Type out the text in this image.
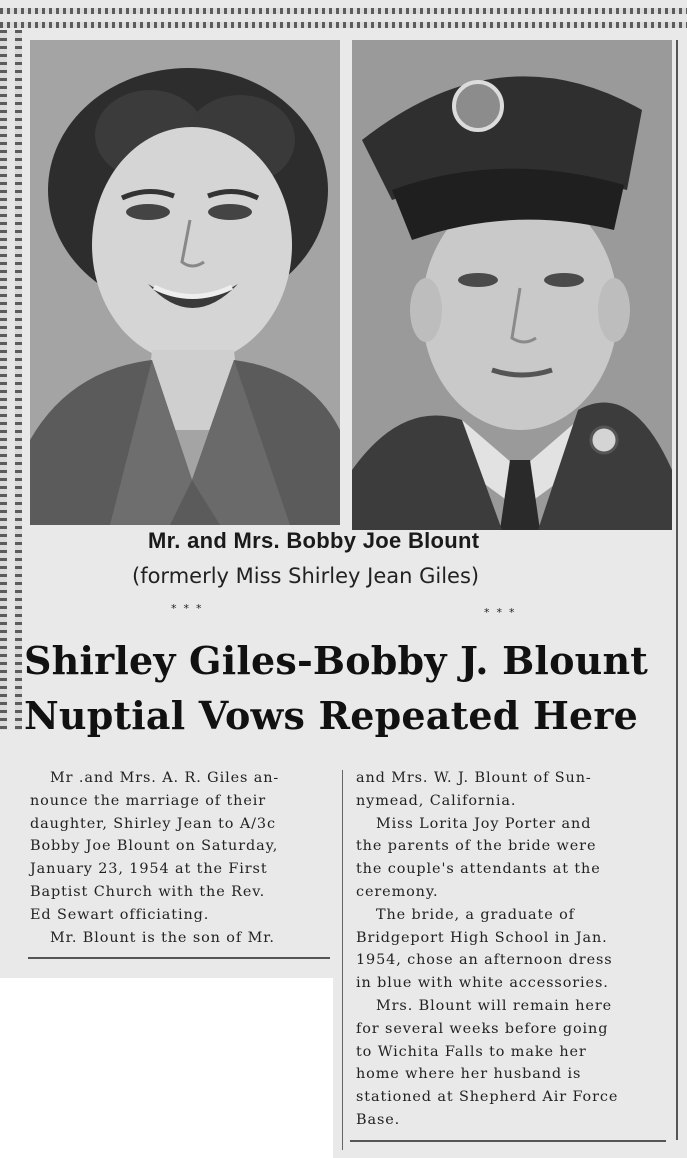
Mr. and Mrs. Bobby Joe Blount
(formerly Miss Shirley Jean Giles)
***	***
Shirley Giles-Bobby J. Blount
Nuptial Vows Repeated Here
Mr .and Mrs. A. R. Giles an-
nounce the marriage of their
daughter, Shirley Jean to A/3c
Bobby Joe Blount on Saturday,
January 23, 1954 at the First
Baptist Church with the Rev.
Ed Sewart officiating.
Mr. Blount is the son of Mr.
and Mrs. W. J. Blount of Sun-
nymead, California.
Miss Lorita Joy Porter and
the parents of the bride were
the couple's attendants at the
ceremony.
The bride, a graduate of
Bridgeport High School in Jan.
1954, chose an afternoon dress
in blue with white accessories.
Mrs. Blount will remain here
for several weeks before going
to Wichita Falls to make her
home where her husband is
stationed at Shepherd Air Force
Base.
